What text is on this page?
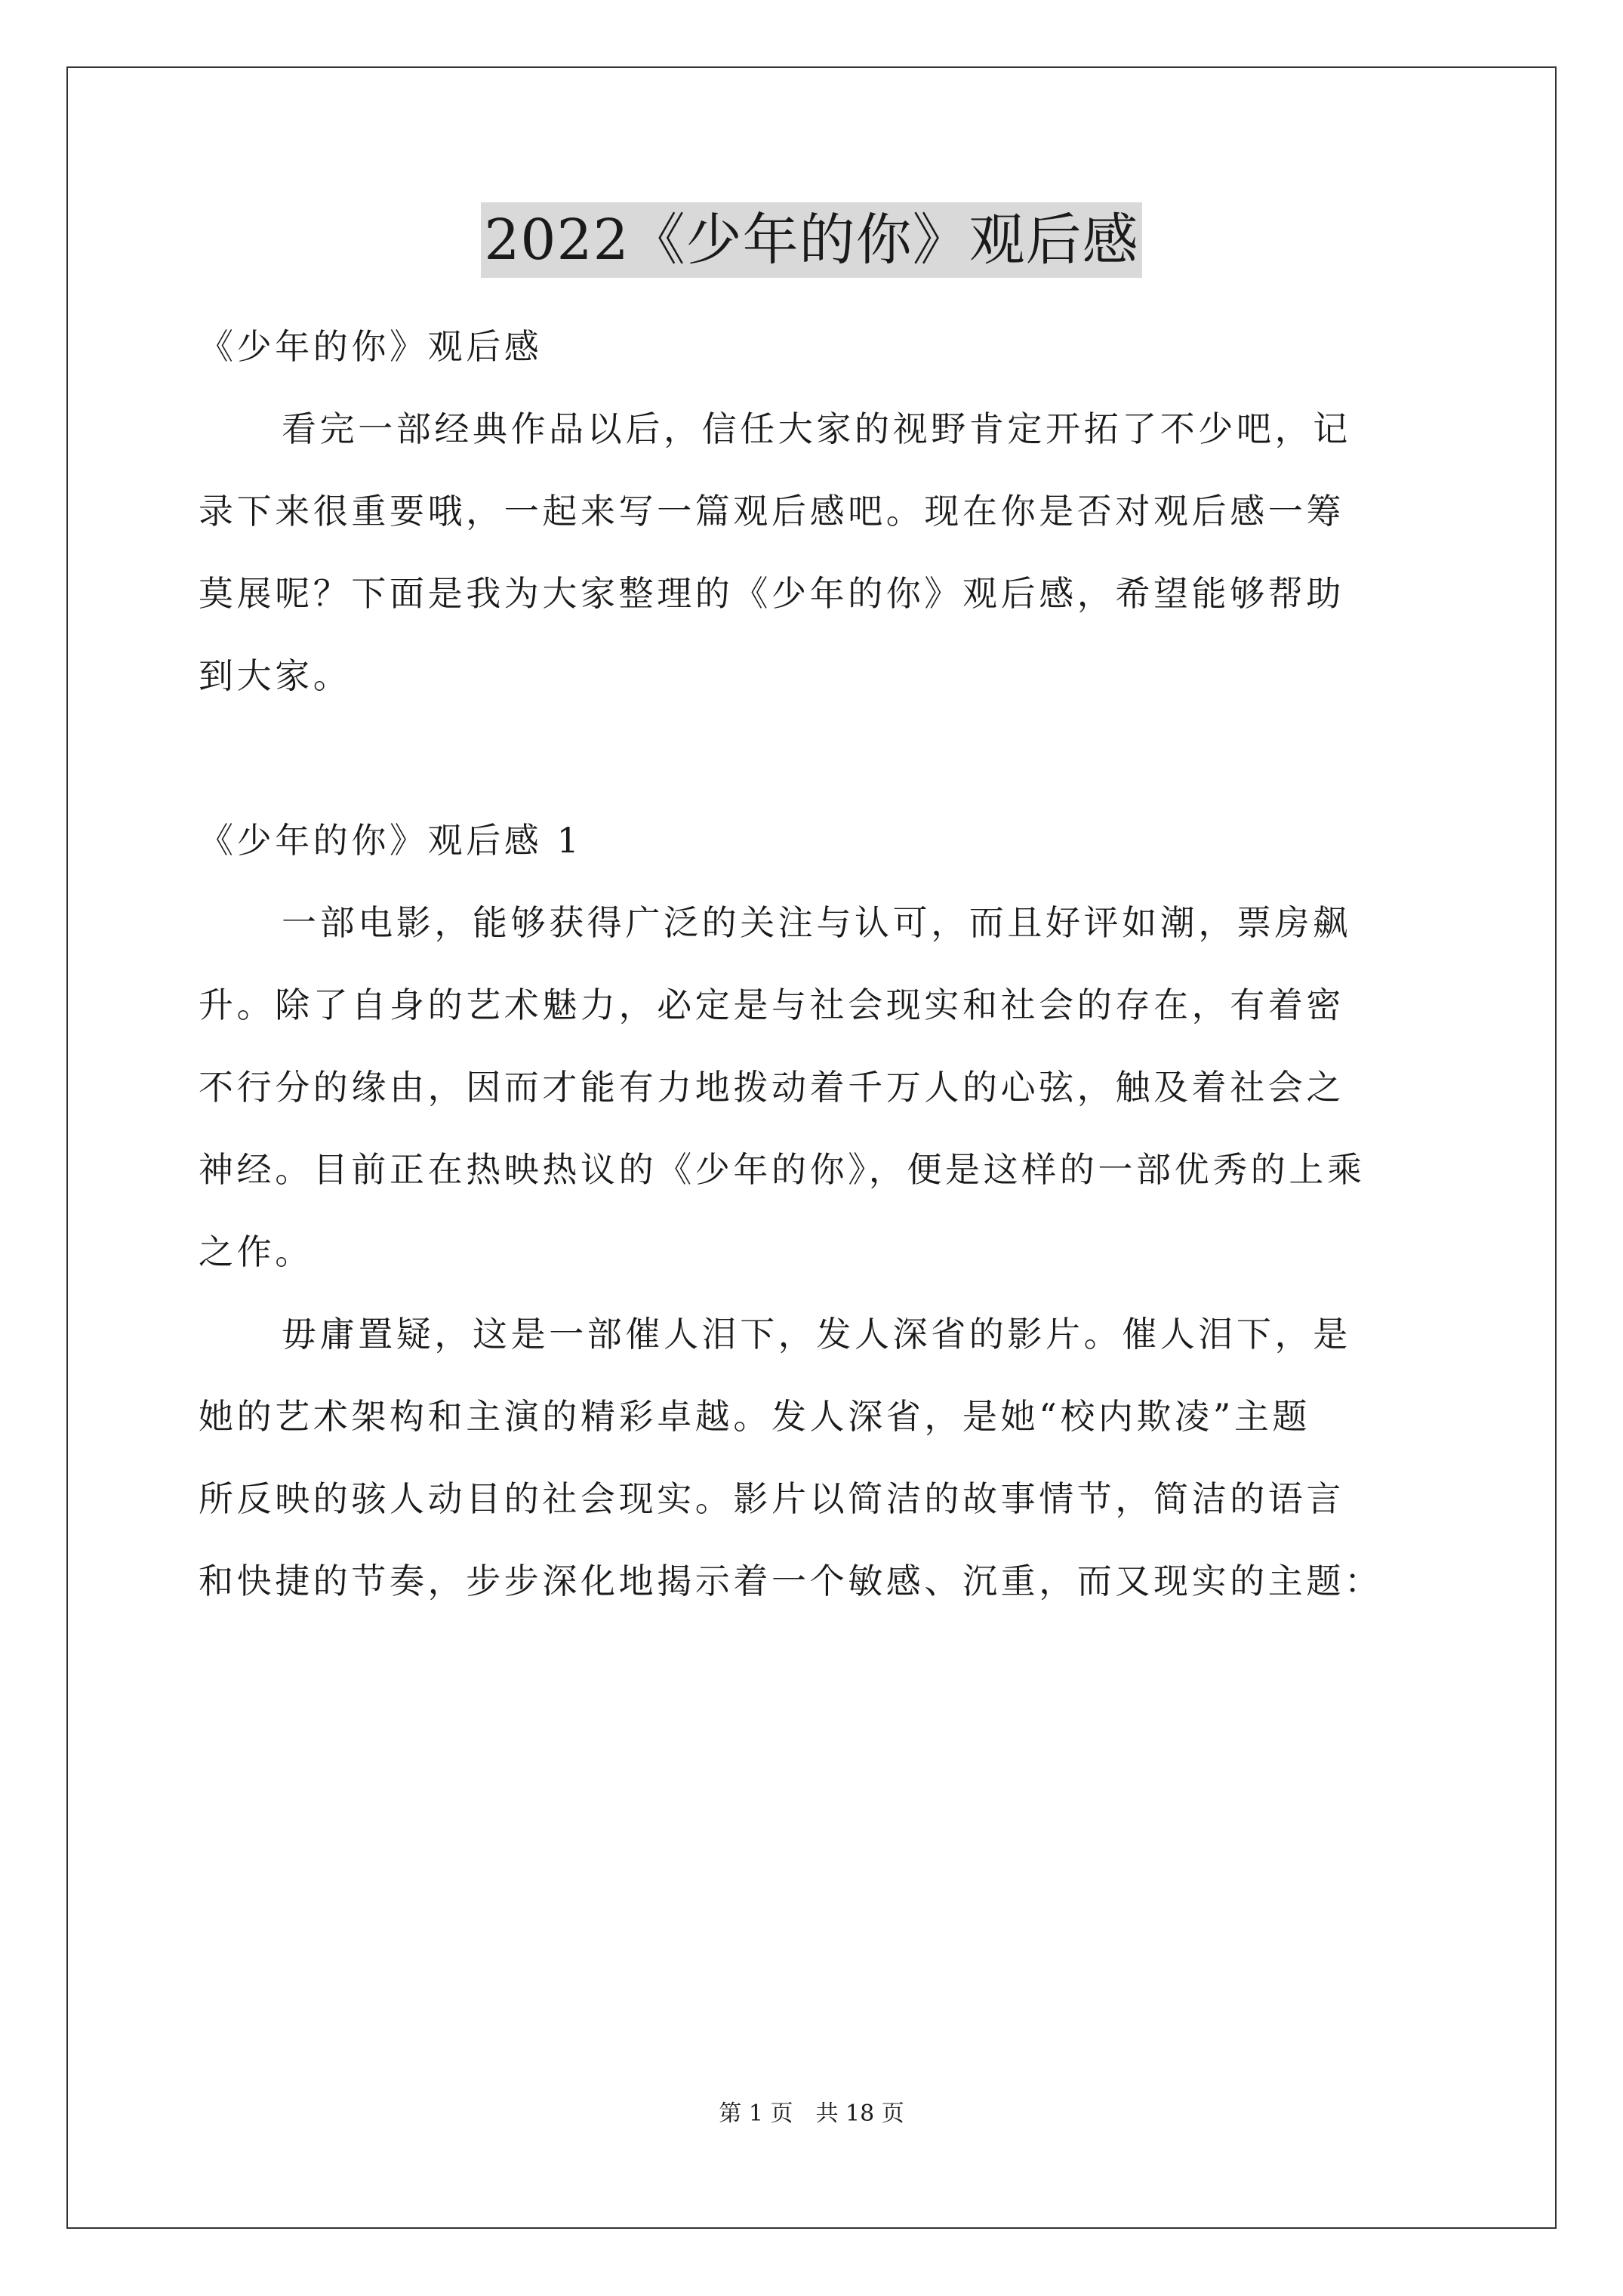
2022《少年的你》观后感
《少年的你》观后感
看完一部经典作品以后，信任大家的视野肯定开拓了不少吧，记
录下来很重要哦，一起来写一篇观后感吧。现在你是否对观后感一筹
莫展呢？下面是我为大家整理的《少年的你》观后感，希望能够帮助
到大家。
《少年的你》观后感 1
一部电影，能够获得广泛的关注与认可，而且好评如潮，票房飙
升。除了自身的艺术魅力，必定是与社会现实和社会的存在，有着密
不行分的缘由，因而才能有力地拨动着千万人的心弦，触及着社会之
神经。目前正在热映热议的《少年的你》，便是这样的一部优秀的上乘
之作。
毋庸置疑，这是一部催人泪下，发人深省的影片。催人泪下，是
她的艺术架构和主演的精彩卓越。发人深省，是她“校内欺凌”主题
所反映的骇人动目的社会现实。影片以简洁的故事情节，简洁的语言
和快捷的节奏，步步深化地揭示着一个敏感、沉重，而又现实的主题：
第 1 页　共 18 页
